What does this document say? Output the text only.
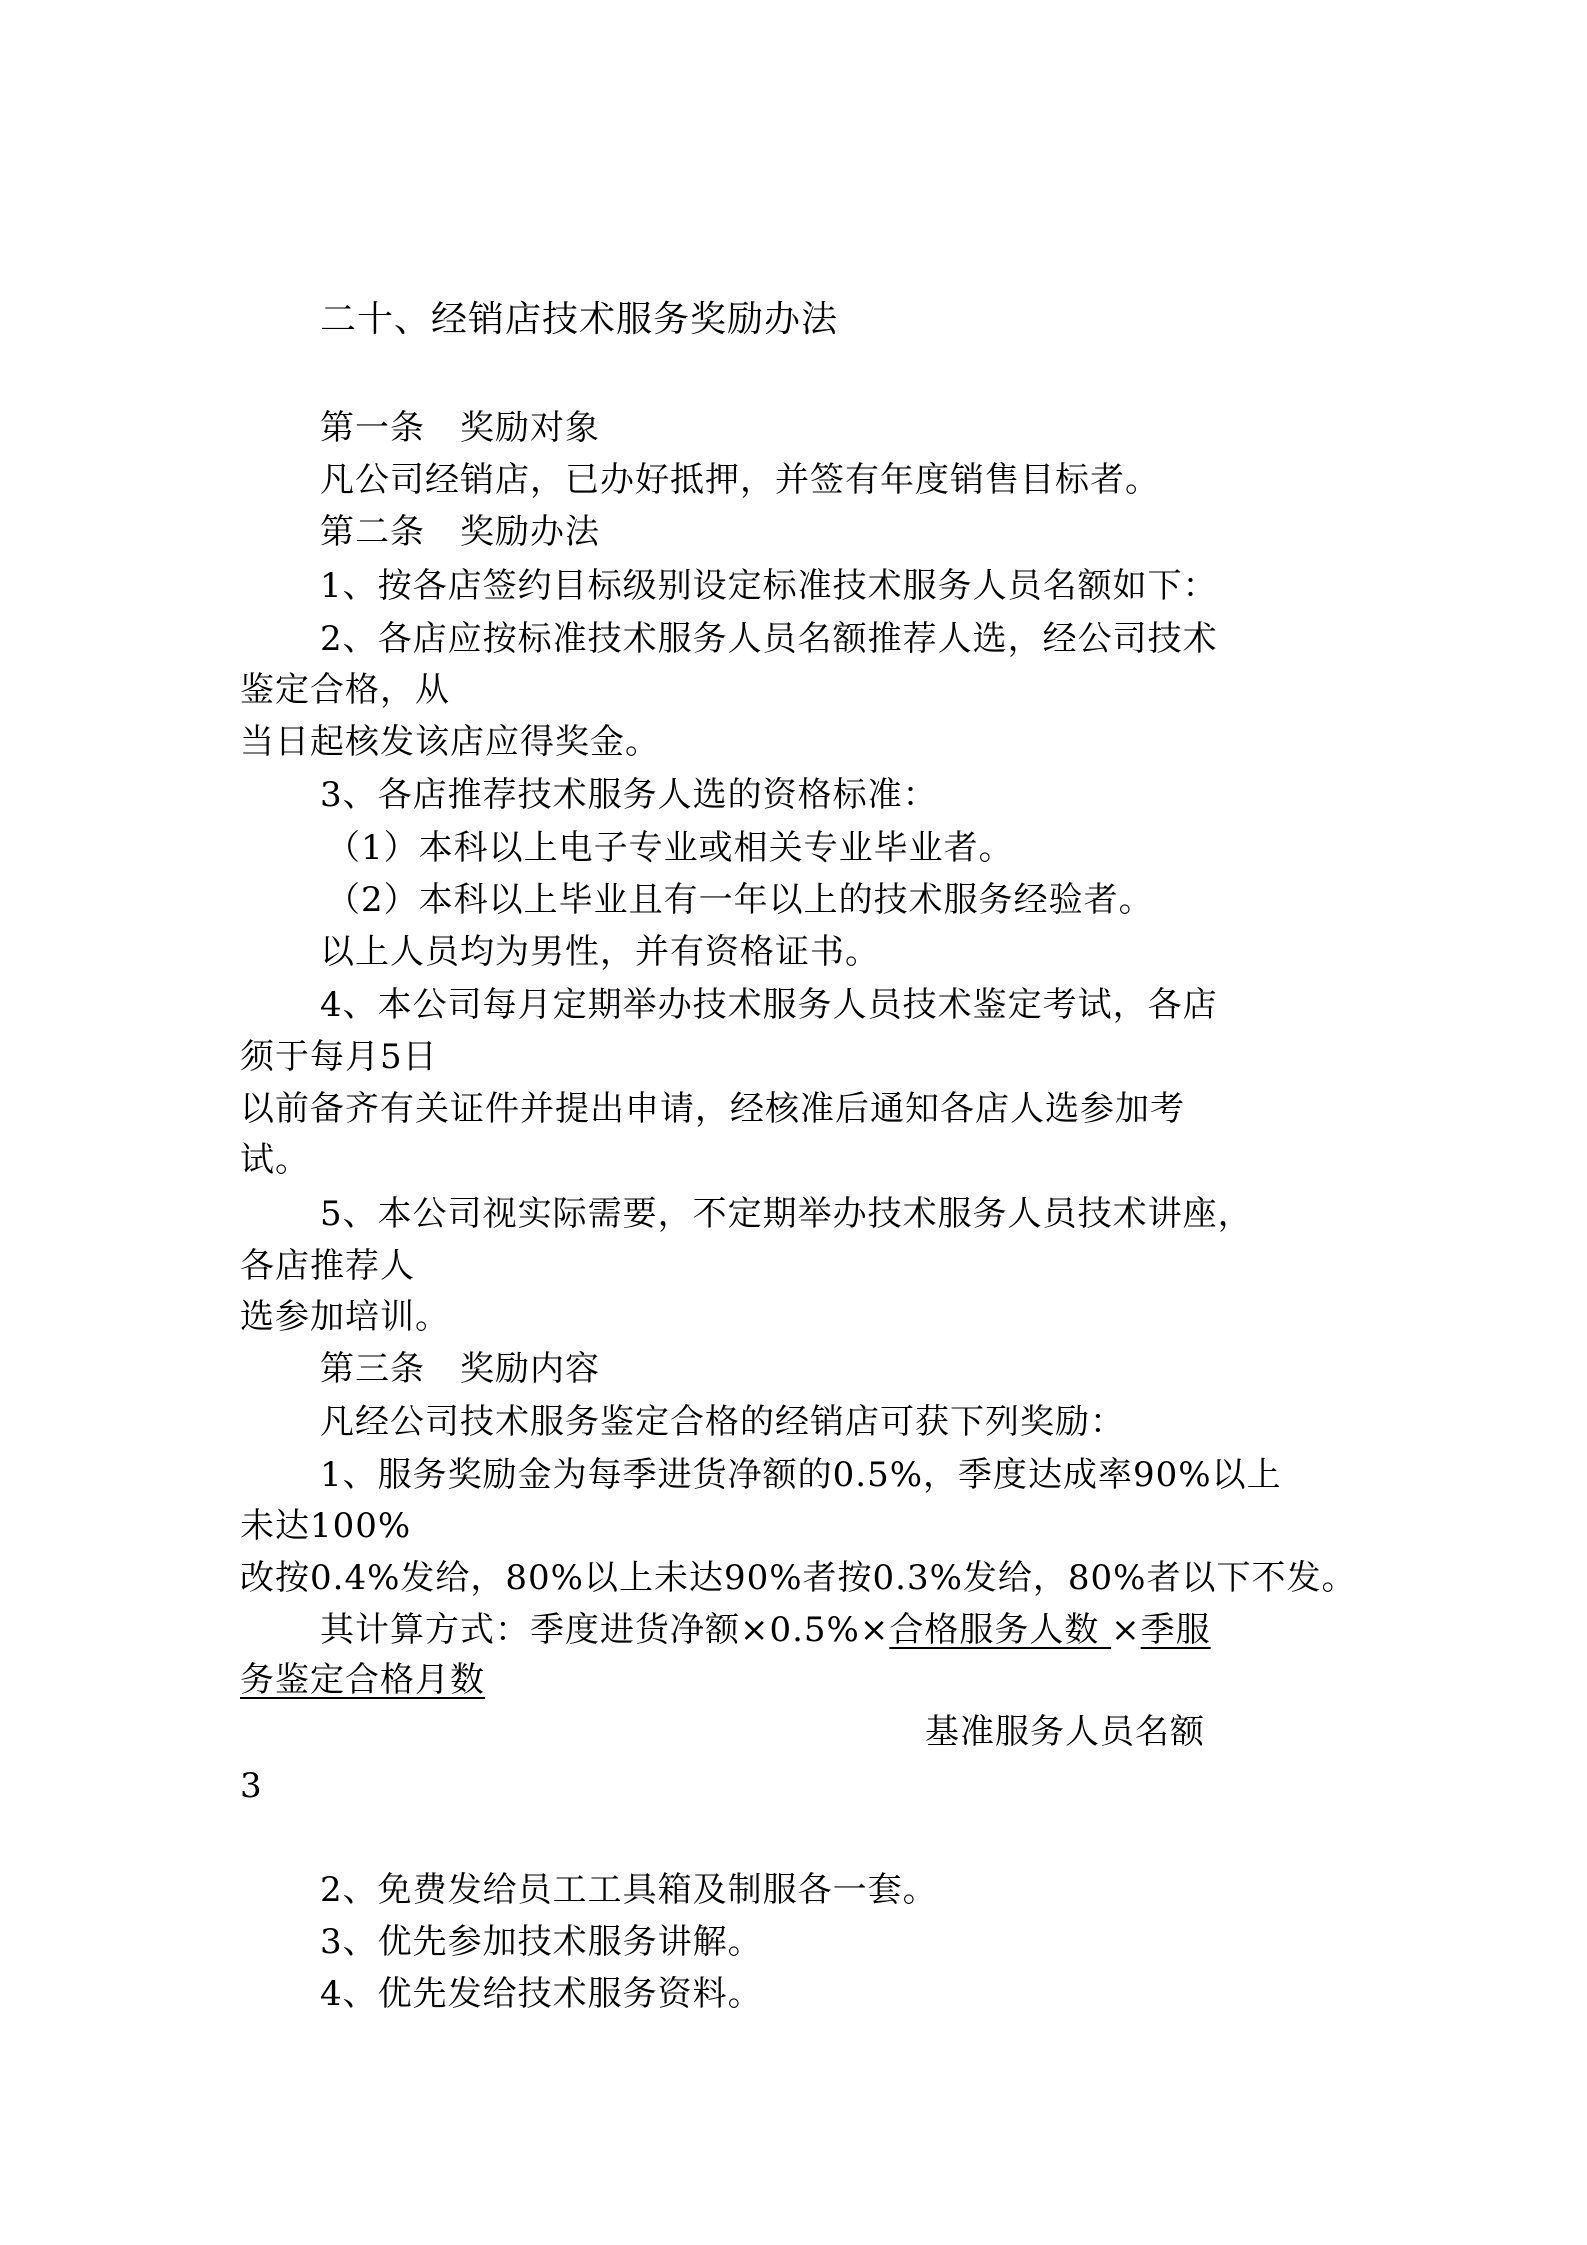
二十、经销店技术服务奖励办法
第一条　奖励对象
凡公司经销店，已办好抵押，并签有年度销售目标者。
第二条　奖励办法
1、按各店签约目标级别设定标准技术服务人员名额如下：
2、各店应按标准技术服务人员名额推荐人选，经公司技术
鉴定合格，从
当日起核发该店应得奖金。
3、各店推荐技术服务人选的资格标准：
（1）本科以上电子专业或相关专业毕业者。
（2）本科以上毕业且有一年以上的技术服务经验者。
以上人员均为男性，并有资格证书。
4、本公司每月定期举办技术服务人员技术鉴定考试，各店
须于每月5日
以前备齐有关证件并提出申请，经核准后通知各店人选参加考
试。
5、本公司视实际需要，不定期举办技术服务人员技术讲座，
各店推荐人
选参加培训。
第三条　奖励内容
凡经公司技术服务鉴定合格的经销店可获下列奖励：
1、服务奖励金为每季进货净额的0.5%，季度达成率90%以上
未达100%
改按0.4%发给，80%以上未达90%者按0.3%发给，80%者以下不发。
其计算方式：季度进货净额×0.5%×合格服务人数 ×季服
务鉴定合格月数
基准服务人员名额
3
2、免费发给员工工具箱及制服各一套。
3、优先参加技术服务讲解。
4、优先发给技术服务资料。
